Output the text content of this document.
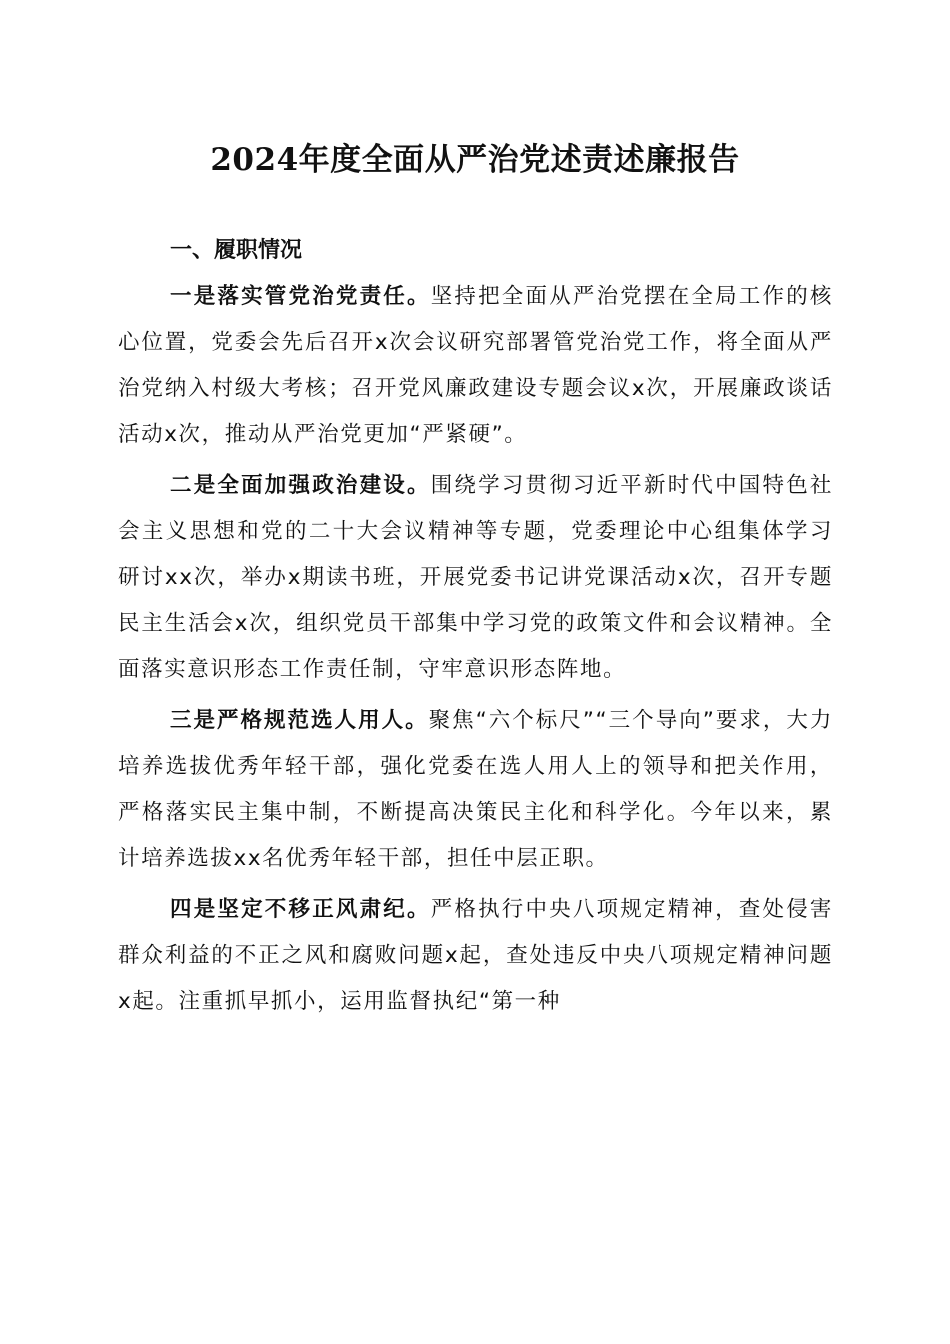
2024年度全面从严治党述责述廉报告

一、履职情况

一是落实管党治党责任。坚持把全面从严治党摆在全局工作的核心位置，党委会先后召开x次会议研究部署管党治党工作，将全面从严治党纳入村级大考核；召开党风廉政建设专题会议x次，开展廉政谈话活动x次，推动从严治党更加“严紧硬”。

二是全面加强政治建设。围绕学习贯彻习近平新时代中国特色社会主义思想和党的二十大会议精神等专题，党委理论中心组集体学习研讨xx次，举办x期读书班，开展党委书记讲党课活动x次，召开专题民主生活会x次，组织党员干部集中学习党的政策文件和会议精神。全面落实意识形态工作责任制，守牢意识形态阵地。

三是严格规范选人用人。聚焦“六个标尺”“三个导向”要求，大力培养选拔优秀年轻干部，强化党委在选人用人上的领导和把关作用，严格落实民主集中制，不断提高决策民主化和科学化。今年以来，累计培养选拔xx名优秀年轻干部，担任中层正职。

四是坚定不移正风肃纪。严格执行中央八项规定精神，查处侵害群众利益的不正之风和腐败问题x起，查处违反中央八项规定精神问题x起。注重抓早抓小，运用监督执纪“第一种
